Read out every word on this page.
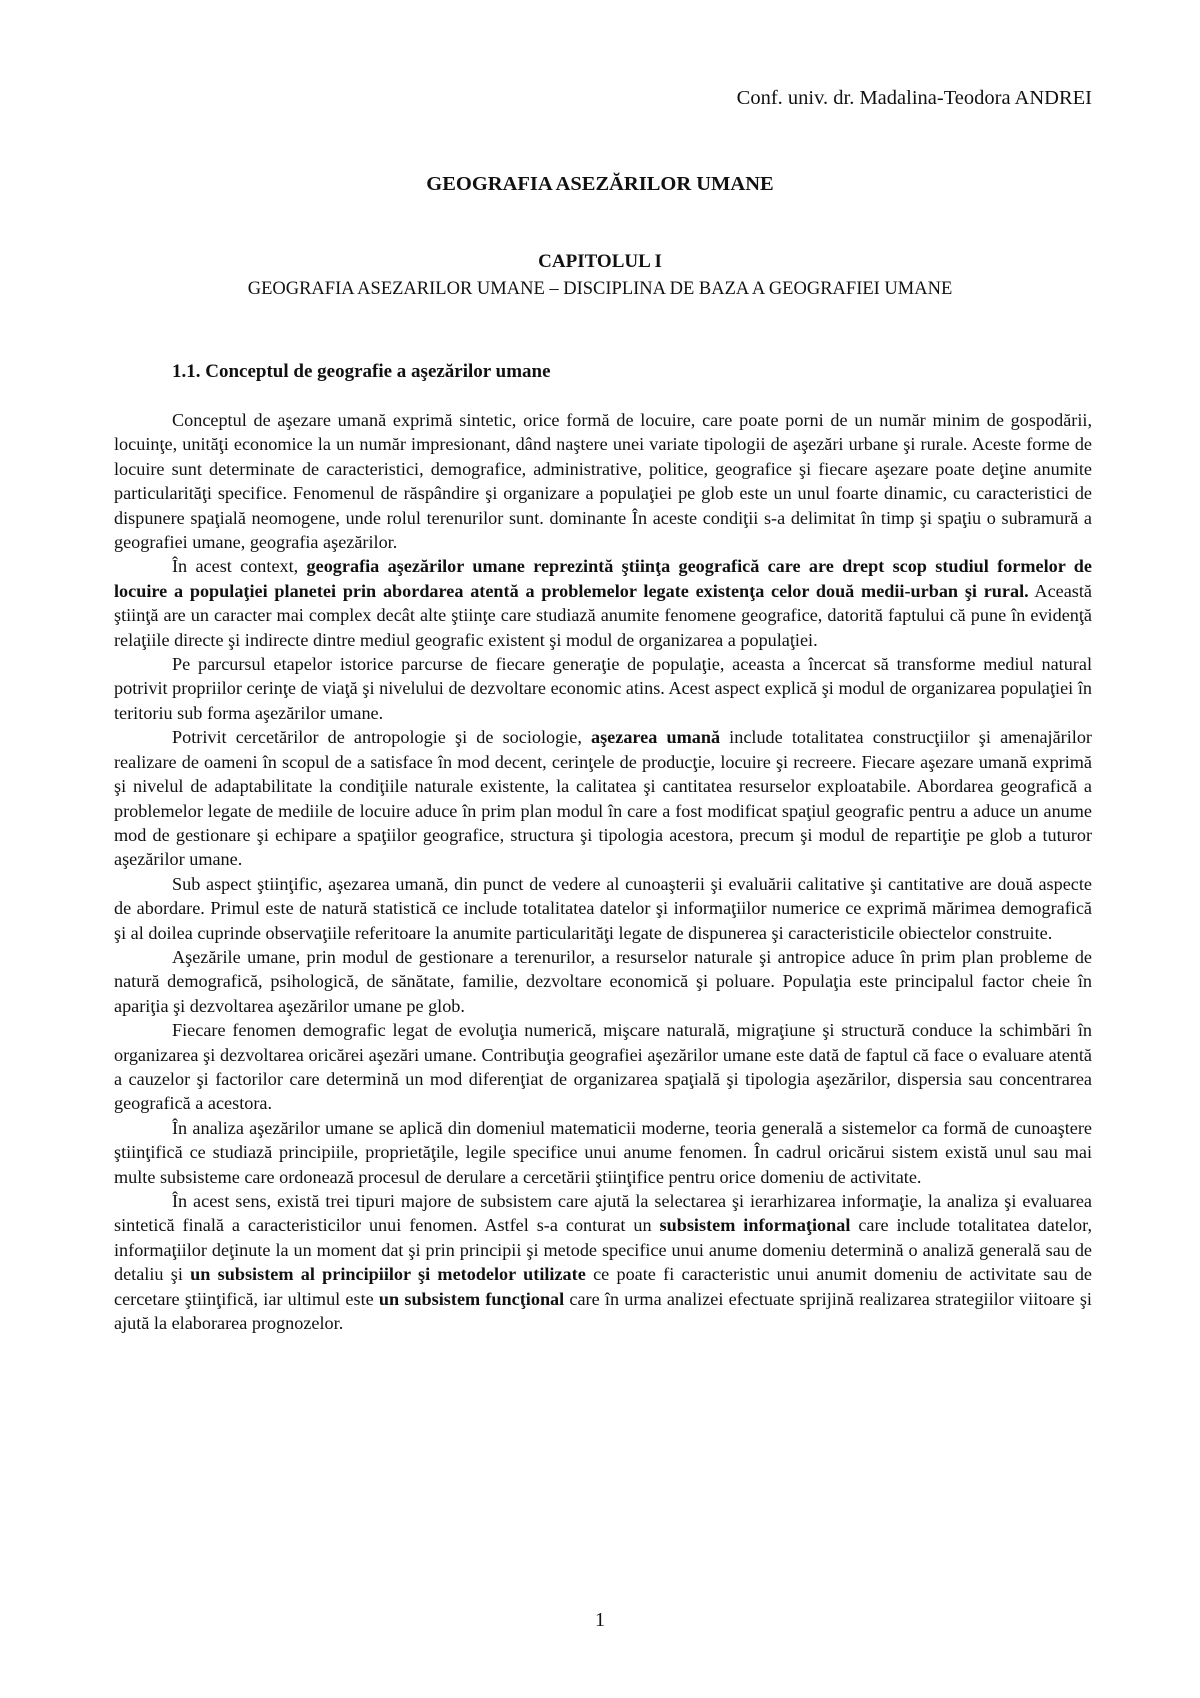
Conf. univ. dr. Madalina-Teodora ANDREI
GEOGRAFIA ASEZĂRILOR UMANE
CAPITOLUL I
GEOGRAFIA ASEZARILOR UMANE – DISCIPLINA DE BAZA A GEOGRAFIEI UMANE
1.1. Conceptul de geografie a aşezărilor umane

Conceptul de aşezare umană exprimă sintetic, orice formă de locuire, care poate porni de un număr minim de gospodării, locuinţe, unităţi economice la un număr impresionant, dând naştere unei variate tipologii de aşezări urbane şi rurale. Aceste forme de locuire sunt determinate de caracteristici, demografice, administrative, politice, geografice şi fiecare aşezare poate deţine anumite particularităţi specifice. Fenomenul de răspândire şi organizare a populaţiei pe glob este un unul foarte dinamic, cu caracteristici de dispunere spaţială neomogene, unde rolul terenurilor sunt. dominante În aceste condiţii s-a delimitat în timp şi spaţiu o subramură a geografiei umane, geografia aşezărilor.

În acest context, geografia aşezărilor umane reprezintă ştiinţa geografică care are drept scop studiul formelor de locuire a populaţiei planetei prin abordarea atentă a problemelor legate existenţa celor două medii-urban şi rural. Această ştiinţă are un caracter mai complex decât alte ştiinţe care studiază anumite fenomene geografice, datorită faptului că pune în evidenţă relaţiile directe şi indirecte dintre mediul geografic existent şi modul de organizarea a populaţiei.

Pe parcursul etapelor istorice parcurse de fiecare generaţie de populaţie, aceasta a încercat să transforme mediul natural potrivit propriilor cerinţe de viaţă şi nivelului de dezvoltare economic atins. Acest aspect explică şi modul de organizarea populaţiei în teritoriu sub forma aşezărilor umane.

Potrivit cercetărilor de antropologie şi de sociologie, aşezarea umană include totalitatea construcţiilor şi amenajărilor realizare de oameni în scopul de a satisface în mod decent, cerinţele de producţie, locuire şi recreere. Fiecare aşezare umană exprimă şi nivelul de adaptabilitate la condiţiile naturale existente, la calitatea şi cantitatea resurselor exploatabile. Abordarea geografică a problemelor legate de mediile de locuire aduce în prim plan modul în care a fost modificat spaţiul geografic pentru a aduce un anume mod de gestionare şi echipare a spaţiilor geografice, structura şi tipologia acestora, precum şi modul de repartiţie pe glob a tuturor aşezărilor umane.

Sub aspect ştiinţific, aşezarea umană, din punct de vedere al cunoaşterii şi evaluării calitative şi cantitative are două aspecte de abordare. Primul este de natură statistică ce include totalitatea datelor şi informaţiilor numerice ce exprimă mărimea demografică şi al doilea cuprinde observaţiile referitoare la anumite particularităţi legate de dispunerea şi caracteristicile obiectelor construite.

Aşezările umane, prin modul de gestionare a terenurilor, a resurselor naturale şi antropice aduce în prim plan probleme de natură demografică, psihologică, de sănătate, familie, dezvoltare economică şi poluare. Populaţia este principalul factor cheie în apariţia şi dezvoltarea aşezărilor umane pe glob.

Fiecare fenomen demografic legat de evoluţia numerică, mişcare naturală, migraţiune şi structură conduce la schimbări în organizarea şi dezvoltarea oricărei aşezări umane. Contribuţia geografiei aşezărilor umane este dată de faptul că face o evaluare atentă a cauzelor şi factorilor care determină un mod diferenţiat de organizarea spaţială şi tipologia aşezărilor, dispersia sau concentrarea geografică a acestora.

În analiza aşezărilor umane se aplică din domeniul matematicii moderne, teoria generală a sistemelor ca formă de cunoaştere ştiinţifică ce studiază principiile, proprietăţile, legile specifice unui anume fenomen. În cadrul oricărui sistem există unul sau mai multe subsisteme care ordonează procesul de derulare a cercetării ştiinţifice pentru orice domeniu de activitate.

În acest sens, există trei tipuri majore de subsistem care ajută la selectarea şi ierarhizarea informaţie, la analiza şi evaluarea sintetică finală a caracteristicilor unui fenomen. Astfel s-a conturat un subsistem informaţional care include totalitatea datelor, informaţiilor deţinute la un moment dat şi prin principii şi metode specifice unui anume domeniu determină o analiză generală sau de detaliu şi un subsistem al principiilor şi metodelor utilizate ce poate fi caracteristic unui anumit domeniu de activitate sau de cercetare ştiinţifică, iar ultimul este un subsistem funcţional care în urma analizei efectuate sprijină realizarea strategiilor viitoare şi ajută la elaborarea prognozelor.

1
